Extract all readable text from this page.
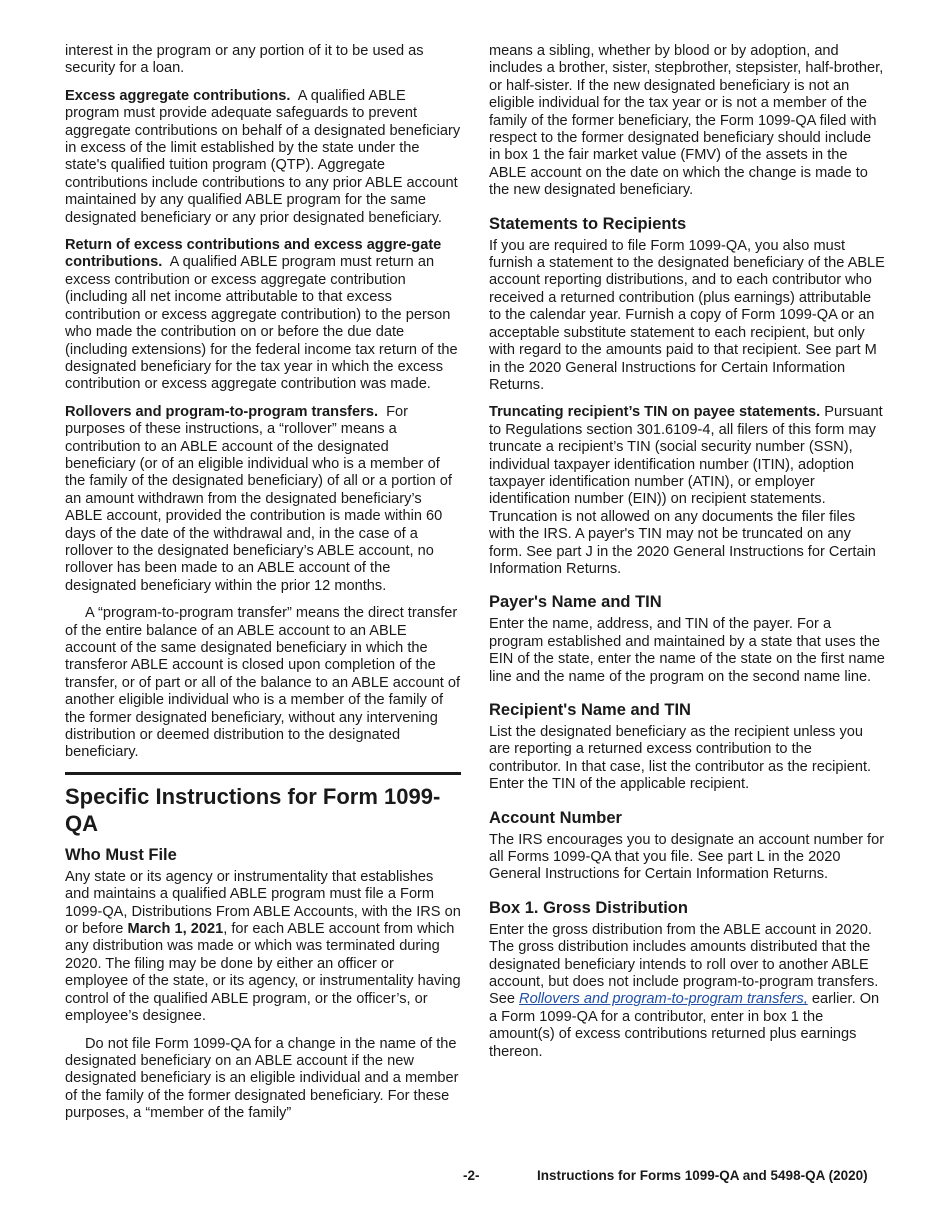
interest in the program or any portion of it to be used as security for a loan.

Excess aggregate contributions. A qualified ABLE program must provide adequate safeguards to prevent aggregate contributions on behalf of a designated beneficiary in excess of the limit established by the state under the state's qualified tuition program (QTP). Aggregate contributions include contributions to any prior ABLE account maintained by any qualified ABLE program for the same designated beneficiary or any prior designated beneficiary.

Return of excess contributions and excess aggre-gate contributions. A qualified ABLE program must return an excess contribution or excess aggregate contribution (including all net income attributable to that excess contribution or excess aggregate contribution) to the person who made the contribution on or before the due date (including extensions) for the federal income tax return of the designated beneficiary for the tax year in which the excess contribution or excess aggregate contribution was made.

Rollovers and program-to-program transfers. For purposes of these instructions, a “rollover” means a contribution to an ABLE account of the designated beneficiary (or of an eligible individual who is a member of the family of the designated beneficiary) of all or a portion of an amount withdrawn from the designated beneficiary’s ABLE account, provided the contribution is made within 60 days of the date of the withdrawal and, in the case of a rollover to the designated beneficiary’s ABLE account, no rollover has been made to an ABLE account of the designated beneficiary within the prior 12 months.

A “program-to-program transfer” means the direct transfer of the entire balance of an ABLE account to an ABLE account of the same designated beneficiary in which the transferor ABLE account is closed upon completion of the transfer, or of part or all of the balance to an ABLE account of another eligible individual who is a member of the family of the former designated beneficiary, without any intervening distribution or deemed distribution to the designated beneficiary.

Specific Instructions for Form 1099-QA
Who Must File

Any state or its agency or instrumentality that establishes and maintains a qualified ABLE program must file a Form 1099-QA, Distributions From ABLE Accounts, with the IRS on or before March 1, 2021, for each ABLE account from which any distribution was made or which was terminated during 2020. The filing may be done by either an officer or employee of the state, or its agency, or instrumentality having control of the qualified ABLE program, or the officer’s, or employee’s designee.

Do not file Form 1099-QA for a change in the name of the designated beneficiary on an ABLE account if the new designated beneficiary is an eligible individual and a member of the family of the former designated beneficiary. For these purposes, a “member of the family”

means a sibling, whether by blood or by adoption, and includes a brother, sister, stepbrother, stepsister, half-brother, or half-sister. If the new designated beneficiary is not an eligible individual for the tax year or is not a member of the family of the former beneficiary, the Form 1099-QA filed with respect to the former designated beneficiary should include in box 1 the fair market value (FMV) of the assets in the ABLE account on the date on which the change is made to the new designated beneficiary.

Statements to Recipients

If you are required to file Form 1099-QA, you also must furnish a statement to the designated beneficiary of the ABLE account reporting distributions, and to each contributor who received a returned contribution (plus earnings) attributable to the calendar year. Furnish a copy of Form 1099-QA or an acceptable substitute statement to each recipient, but only with regard to the amounts paid to that recipient. See part M in the 2020 General Instructions for Certain Information Returns.

Truncating recipient’s TIN on payee statements. Pursuant to Regulations section 301.6109-4, all filers of this form may truncate a recipient’s TIN (social security number (SSN), individual taxpayer identification number (ITIN), adoption taxpayer identification number (ATIN), or employer identification number (EIN)) on recipient statements. Truncation is not allowed on any documents the filer files with the IRS. A payer's TIN may not be truncated on any form. See part J in the 2020 General Instructions for Certain Information Returns.

Payer's Name and TIN

Enter the name, address, and TIN of the payer. For a program established and maintained by a state that uses the EIN of the state, enter the name of the state on the first name line and the name of the program on the second name line.

Recipient's Name and TIN

List the designated beneficiary as the recipient unless you are reporting a returned excess contribution to the contributor. In that case, list the contributor as the recipient. Enter the TIN of the applicable recipient.

Account Number

The IRS encourages you to designate an account number for all Forms 1099-QA that you file. See part L in the 2020 General Instructions for Certain Information Returns.

Box 1. Gross Distribution

Enter the gross distribution from the ABLE account in 2020. The gross distribution includes amounts distributed that the designated beneficiary intends to roll over to another ABLE account, but does not include program-to-program transfers. See Rollovers and program-to-program transfers, earlier. On a Form 1099-QA for a contributor, enter in box 1 the amount(s) of excess contributions returned plus earnings thereon.

-2-	Instructions for Forms 1099-QA and 5498-QA (2020)
